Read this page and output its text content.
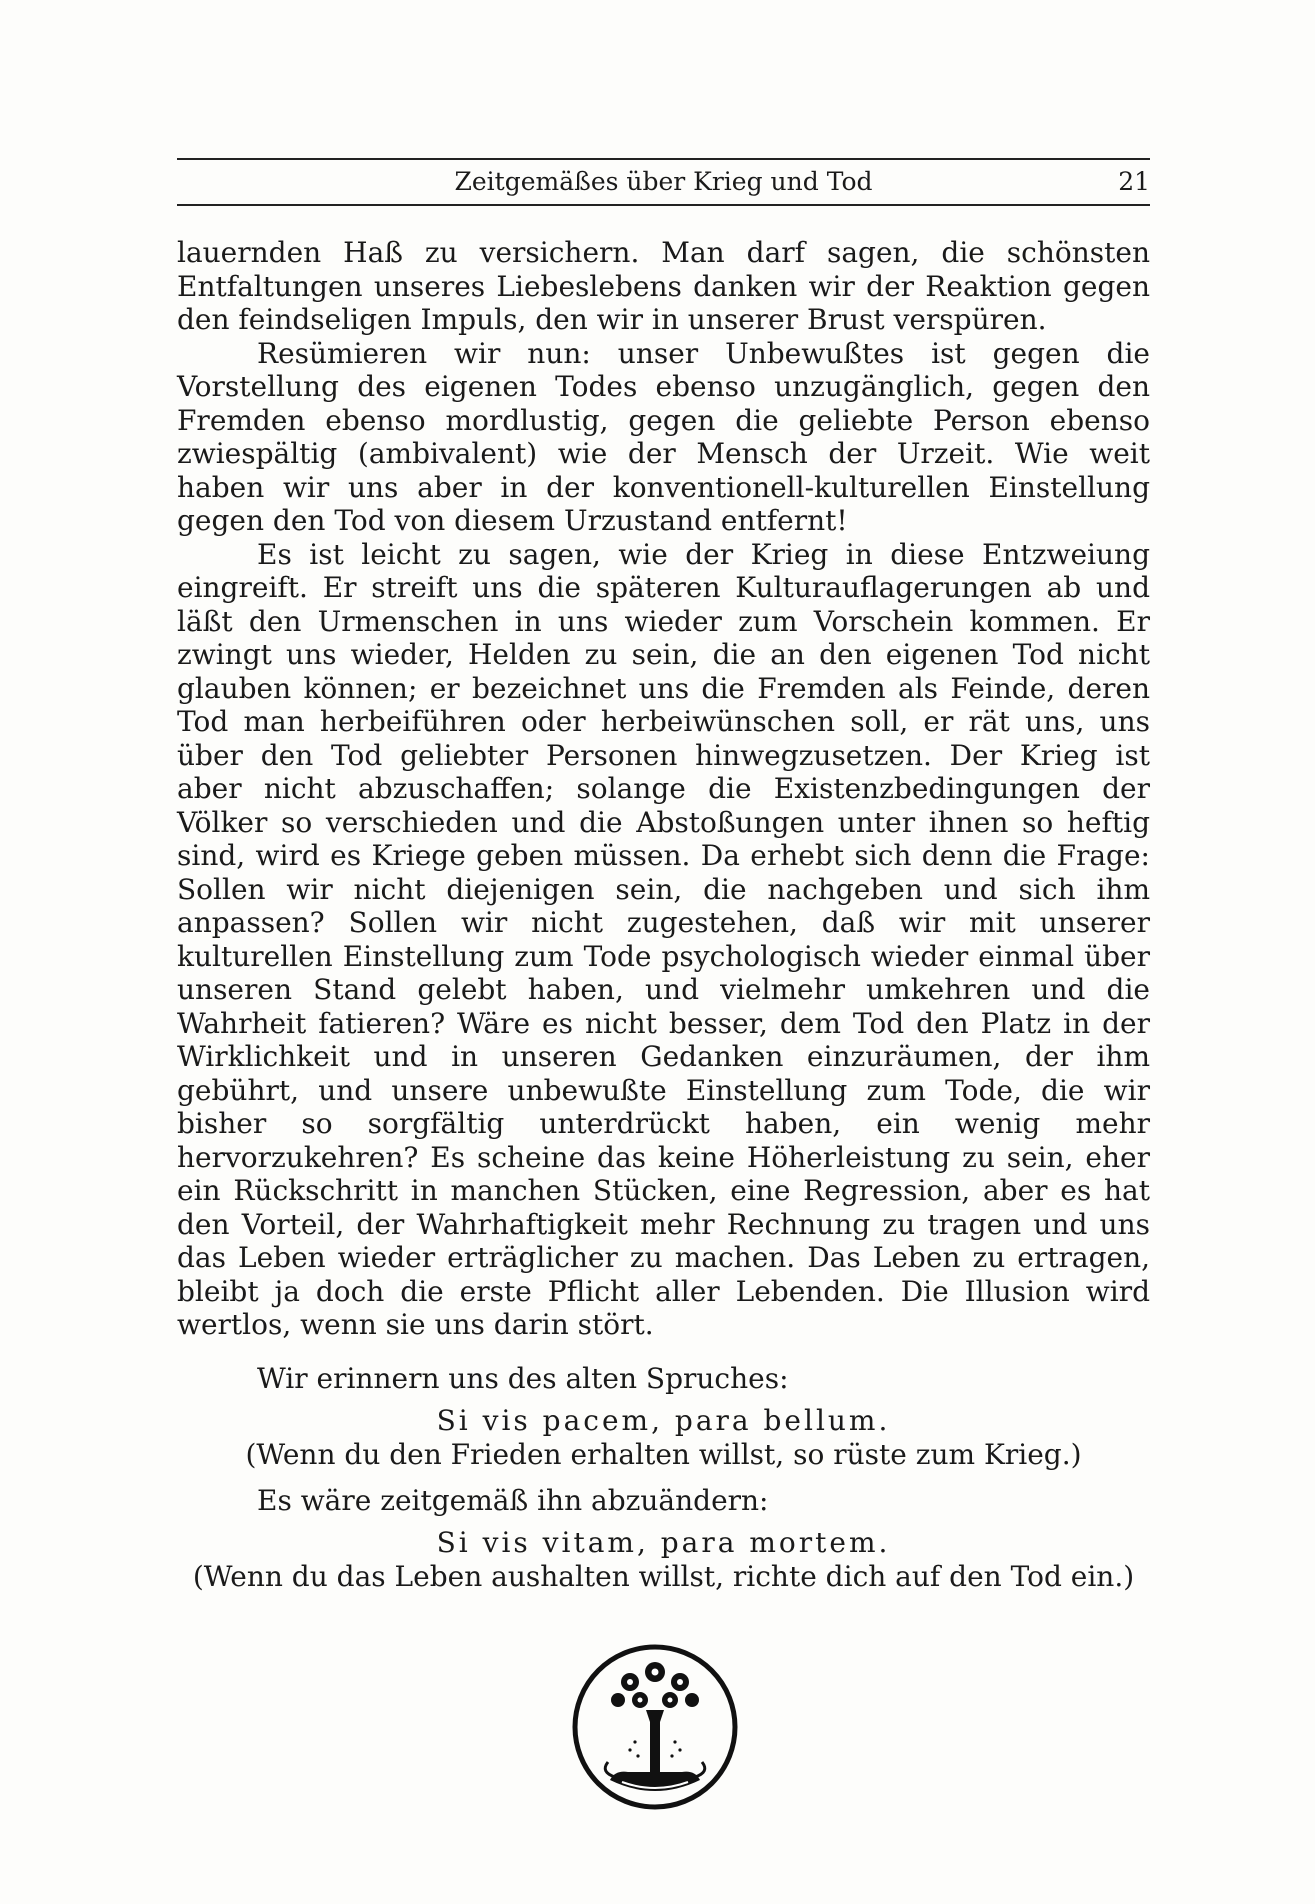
Zeitgemäßes über Krieg und Tod	21

lauernden Haß zu versichern. Man darf sagen, die schönsten Entfaltungen unseres Liebeslebens danken wir der Reaktion gegen den feindseligen Impuls, den wir in unserer Brust verspüren.

Resümieren wir nun: unser Unbewußtes ist gegen die Vorstellung des eigenen Todes ebenso unzugänglich, gegen den Fremden ebenso mordlustig, gegen die geliebte Person ebenso zwiespältig (ambivalent) wie der Mensch der Urzeit. Wie weit haben wir uns aber in der konventionell-kulturellen Einstellung gegen den Tod von diesem Urzustand entfernt!

Es ist leicht zu sagen, wie der Krieg in diese Entzweiung eingreift. Er streift uns die späteren Kulturauflagerungen ab und läßt den Urmenschen in uns wieder zum Vorschein kommen. Er zwingt uns wieder, Helden zu sein, die an den eigenen Tod nicht glauben können; er bezeichnet uns die Fremden als Feinde, deren Tod man herbeiführen oder herbeiwünschen soll, er rät uns, uns über den Tod geliebter Personen hinwegzusetzen. Der Krieg ist aber nicht abzuschaffen; solange die Existenzbedingungen der Völker so verschieden und die Abstoßungen unter ihnen so heftig sind, wird es Kriege geben müssen. Da erhebt sich denn die Frage: Sollen wir nicht diejenigen sein, die nachgeben und sich ihm anpassen? Sollen wir nicht zugestehen, daß wir mit unserer kulturellen Einstellung zum Tode psychologisch wieder einmal über unseren Stand gelebt haben, und vielmehr umkehren und die Wahrheit fatieren? Wäre es nicht besser, dem Tod den Platz in der Wirklichkeit und in unseren Gedanken einzuräumen, der ihm gebührt, und unsere unbewußte Einstellung zum Tode, die wir bisher so sorgfältig unterdrückt haben, ein wenig mehr hervorzukehren? Es scheine das keine Höherleistung zu sein, eher ein Rückschritt in manchen Stücken, eine Regression, aber es hat den Vorteil, der Wahrhaftigkeit mehr Rechnung zu tragen und uns das Leben wieder erträglicher zu machen. Das Leben zu ertragen, bleibt ja doch die erste Pflicht aller Lebenden. Die Illusion wird wertlos, wenn sie uns darin stört.

Wir erinnern uns des alten Spruches:

Si vis pacem, para bellum.

(Wenn du den Frieden erhalten willst, so rüste zum Krieg.)

Es wäre zeitgemäß ihn abzuändern:

Si vis vitam, para mortem.

(Wenn du das Leben aushalten willst, richte dich auf den Tod ein.)
